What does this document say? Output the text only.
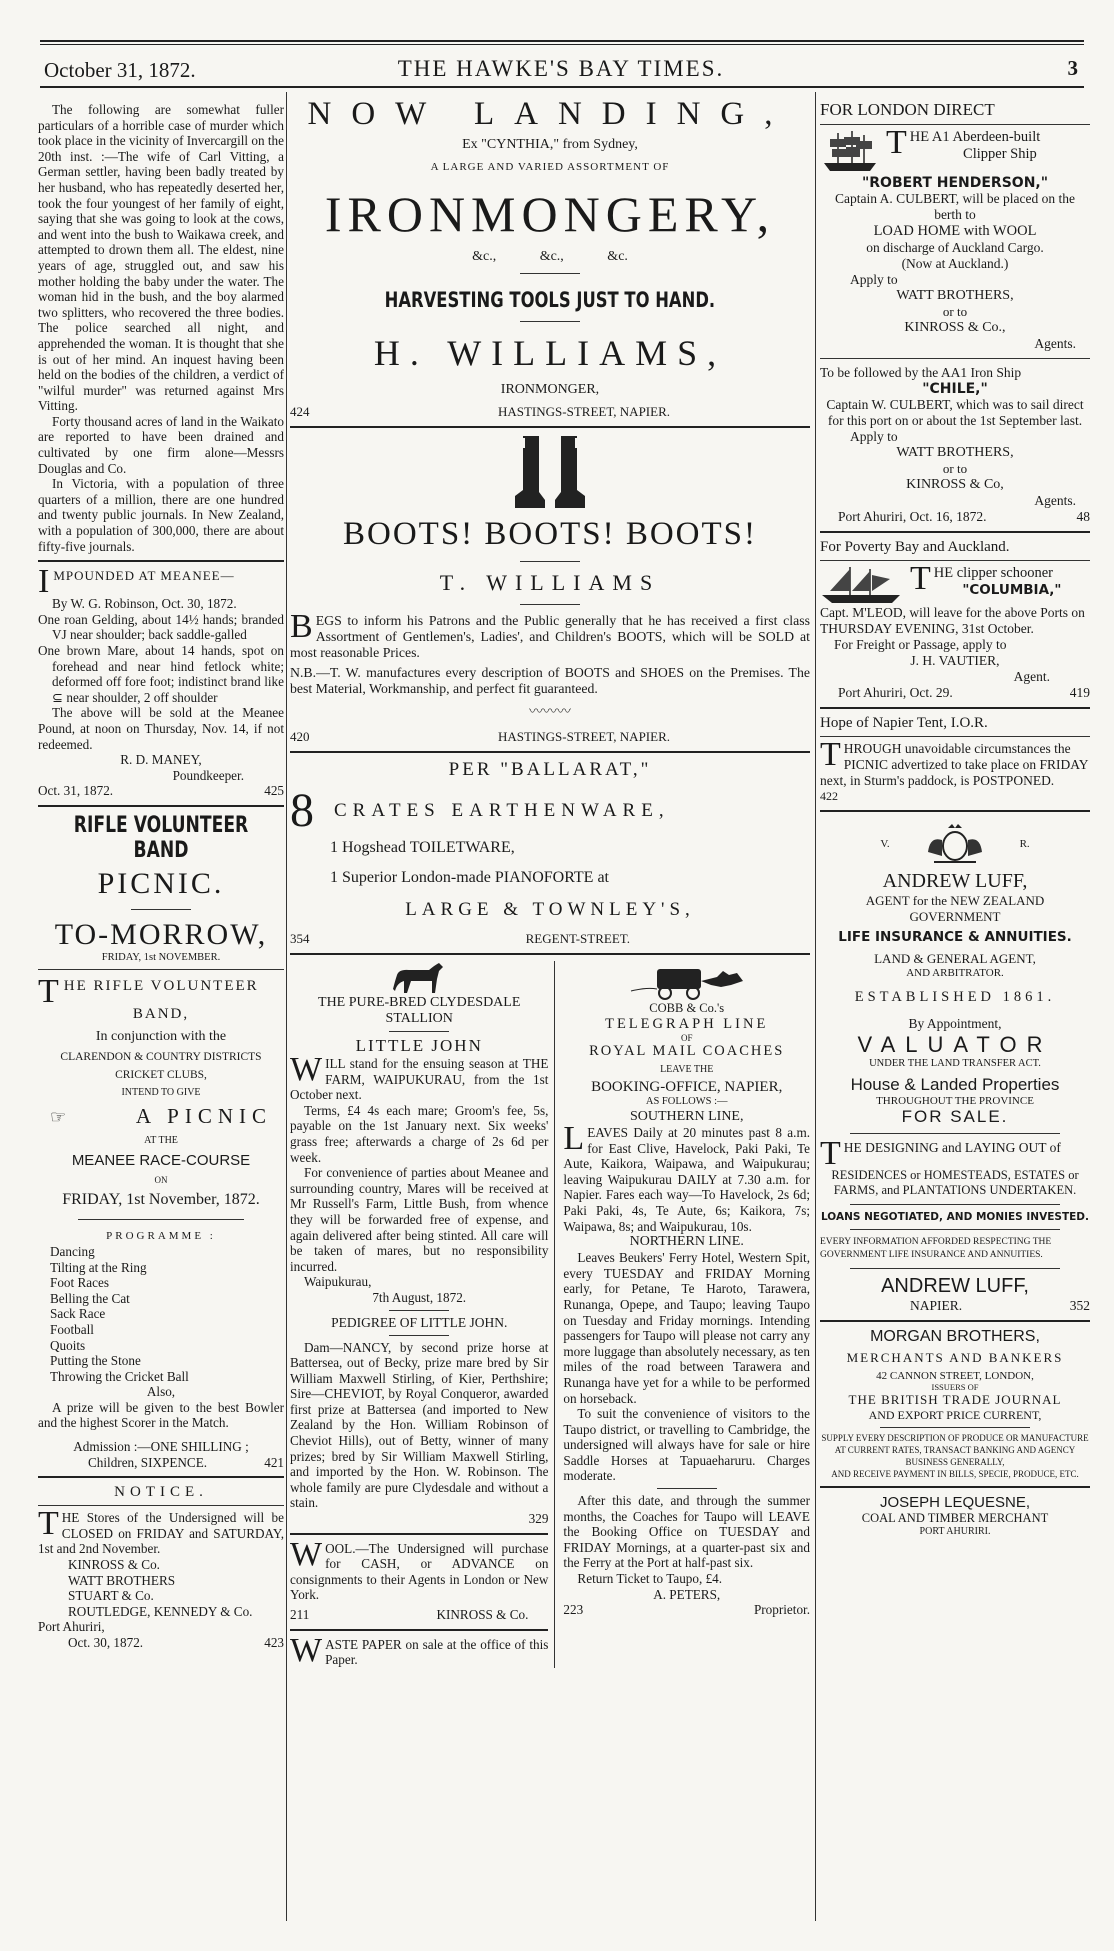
October 31, 1872.	THE HAWKE'S BAY TIMES.	3

The following are somewhat fuller particulars of a horrible case of murder which took place in the vicinity of Invercargill on the 20th inst. :—The wife of Carl Vitting, a German settler, having been badly treated by her husband, who has repeatedly deserted her, took the four youngest of her family of eight, saying that she was going to look at the cows, and went into the bush to Waikawa creek, and attempted to drown them all. The eldest, nine years of age, struggled out, and saw his mother holding the baby under the water. The woman hid in the bush, and the boy alarmed two splitters, who recovered the three bodies. The police searched all night, and apprehended the woman. It is thought that she is out of her mind. An inquest having been held on the bodies of the children, a verdict of "wilful murder" was returned against Mrs Vitting.

Forty thousand acres of land in the Waikato are reported to have been drained and cultivated by one firm alone—Messrs Douglas and Co.

In Victoria, with a population of three quarters of a million, there are one hundred and twenty public journals. In New Zealand, with a population of 300,000, there are about fifty-five journals.

IMPOUNDED AT MEANEE—

By W. G. Robinson, Oct. 30, 1872.

One roan Gelding, about 14½ hands; branded VJ near shoulder; back saddle-galled

One brown Mare, about 14 hands, spot on forehead and near hind fetlock white; deformed off fore foot; indistinct brand like ⊆ near shoulder, 2 off shoulder

The above will be sold at the Meanee Pound, at noon on Thursday, Nov. 14, if not redeemed.

R. D. MANEY,

Poundkeeper.

Oct. 31, 1872.	425

RIFLE VOLUNTEER BAND

PICNIC.

TO-MORROW,

FRIDAY, 1st NOVEMBER.

THE RIFLE VOLUNTEER

BAND,

In conjunction with the

CLARENDON & COUNTRY DISTRICTS

CRICKET CLUBS,

INTEND TO GIVE

☞	A PICNIC

AT THE

MEANEE RACE-COURSE

ON

FRIDAY, 1st November, 1872.

PROGRAMME :

Dancing

Tilting at the Ring

Foot Races

Belling the Cat

Sack Race

Football

Quoits

Putting the Stone

Throwing the Cricket Ball

Also,

A prize will be given to the best Bowler and the highest Scorer in the Match.

Admission :—ONE SHILLING ;

Children, SIXPENCE.	421

NOTICE.

THE Stores of the Undersigned will be CLOSED on FRIDAY and SATURDAY, 1st and 2nd November.

KINROSS & Co.

WATT BROTHERS

STUART & Co.

ROUTLEDGE, KENNEDY & Co.

Port Ahuriri,

Oct. 30, 1872.	423

NOW LANDING,

Ex "CYNTHIA," from Sydney,

A LARGE AND VARIED ASSORTMENT OF

IRONMONGERY,

&c., &c., &c.

HARVESTING TOOLS JUST TO HAND.

H. WILLIAMS,

IRONMONGER,

424	HASTINGS-STREET, NAPIER.

BOOTS! BOOTS! BOOTS!

T. WILLIAMS

BEGS to inform his Patrons and the Public generally that he has received a first class Assortment of Gentlemen's, Ladies', and Children's BOOTS, which will be SOLD at most reasonable Prices.

N.B.—T. W. manufactures every description of BOOTS and SHOES on the Premises. The best Material, Workmanship, and perfect fit guaranteed.

〰〰〰
420	HASTINGS-STREET, NAPIER.

PER "BALLARAT,"

8 CRATES EARTHENWARE,

1 Hogshead TOILETWARE,

1 Superior London-made PIANOFORTE at

LARGE & TOWNLEY'S,

354	REGENT-STREET.

THE PURE-BRED CLYDESDALE

STALLION

LITTLE JOHN

WILL stand for the ensuing season at THE FARM, WAIPUKURAU, from the 1st October next.

Terms, £4 4s each mare; Groom's fee, 5s, payable on the 1st January next. Six weeks' grass free; afterwards a charge of 2s 6d per week.

For convenience of parties about Meanee and surrounding country, Mares will be received at Mr Russell's Farm, Little Bush, from whence they will be forwarded free of expense, and again delivered after being stinted. All care will be taken of mares, but no responsibility incurred.

Waipukurau,

7th August, 1872.

PEDIGREE OF LITTLE JOHN.

Dam—NANCY, by second prize horse at Battersea, out of Becky, prize mare bred by Sir William Maxwell Stirling, of Kier, Perthshire; Sire—CHEVIOT, by Royal Conqueror, awarded first prize at Battersea (and imported to New Zealand by the Hon. William Robinson of Cheviot Hills), out of Betty, winner of many prizes; bred by Sir William Maxwell Stirling, and imported by the Hon. W. Robinson. The whole family are pure Clydesdale and without a stain.

329

WOOL.—The Undersigned will purchase for CASH, or ADVANCE on consignments to their Agents in London or New York.

211	KINROSS & Co.

WASTE PAPER on sale at the office of this Paper.

COBB & Co.'s

TELEGRAPH LINE

OF

ROYAL MAIL COACHES

LEAVE THE

BOOKING-OFFICE, NAPIER,

AS FOLLOWS :—

SOUTHERN LINE,

LEAVES Daily at 20 minutes past 8 a.m. for East Clive, Havelock, Paki Paki, Te Aute, Kaikora, Waipawa, and Waipukurau; leaving Waipukurau DAILY at 7.30 a.m. for Napier. Fares each way—To Havelock, 2s 6d; Paki Paki, 4s, Te Aute, 6s; Kaikora, 7s; Waipawa, 8s; and Waipukurau, 10s.

NORTHERN LINE.

Leaves Beukers' Ferry Hotel, Western Spit, every TUESDAY and FRIDAY Morning early, for Petane, Te Haroto, Tarawera, Runanga, Opepe, and Taupo; leaving Taupo on Tuesday and Friday mornings. Intending passengers for Taupo will please not carry any more luggage than absolutely necessary, as ten miles of the road between Tarawera and Runanga have yet for a while to be performed on horseback.

To suit the convenience of visitors to the Taupo district, or travelling to Cambridge, the undersigned will always have for sale or hire Saddle Horses at Tapuaeharuru. Charges moderate.

After this date, and through the summer months, the Coaches for Taupo will LEAVE the Booking Office on TUESDAY and FRIDAY Mornings, at a quarter-past six and the Ferry at the Port at half-past six.

Return Ticket to Taupo, £4.

A. PETERS,

223	Proprietor.

FOR LONDON DIRECT

THE A1 Aberdeen-built

Clipper Ship

"ROBERT HENDERSON,"

Captain A. CULBERT, will be placed on the berth to

LOAD HOME with WOOL

on discharge of Auckland Cargo.

(Now at Auckland.)

Apply to

WATT BROTHERS,

or to

KINROSS & Co.,

Agents.

To be followed by the AA1 Iron Ship

"CHILE,"

Captain W. CULBERT, which was to sail direct for this port on or about the 1st September last.

Apply to

WATT BROTHERS,

or to

KINROSS & Co,

Agents.

Port Ahuriri, Oct. 16, 1872.	48

For Poverty Bay and Auckland.

THE clipper schooner

"COLUMBIA,"

Capt. M'LEOD, will leave for the above Ports on THURSDAY EVENING, 31st October.

For Freight or Passage, apply to

J. H. VAUTIER,

Agent.

Port Ahuriri, Oct. 29.	419

Hope of Napier Tent, I.O.R.

THROUGH unavoidable circumstances the PICNIC advertized to take place on FRIDAY next, in Sturm's paddock, is POSTPONED.

422

V.	R.

ANDREW LUFF,

AGENT for the NEW ZEALAND GOVERNMENT

LIFE INSURANCE & ANNUITIES.

LAND & GENERAL AGENT,

AND ARBITRATOR.

ESTABLISHED 1861.

By Appointment,

VALUATOR

UNDER THE LAND TRANSFER ACT.

House & Landed Properties

THROUGHOUT THE PROVINCE

FOR SALE.

THE DESIGNING and LAYING OUT of

RESIDENCES or HOMESTEADS, ESTATES or FARMS, and PLANTATIONS UNDERTAKEN.

LOANS NEGOTIATED, AND MONIES INVESTED.

EVERY INFORMATION AFFORDED RESPECTING THE GOVERNMENT LIFE INSURANCE AND ANNUITIES.

ANDREW LUFF,

NAPIER.	352

MORGAN BROTHERS,

MERCHANTS AND BANKERS

42 CANNON STREET, LONDON,

ISSUERS OF

THE BRITISH TRADE JOURNAL

AND EXPORT PRICE CURRENT,

SUPPLY EVERY DESCRIPTION OF PRODUCE OR MANUFACTURE AT CURRENT RATES, TRANSACT BANKING AND AGENCY BUSINESS GENERALLY,

AND RECEIVE PAYMENT IN BILLS, SPECIE, PRODUCE, ETC.

JOSEPH LEQUESNE,

COAL AND TIMBER MERCHANT

PORT AHURIRI.
